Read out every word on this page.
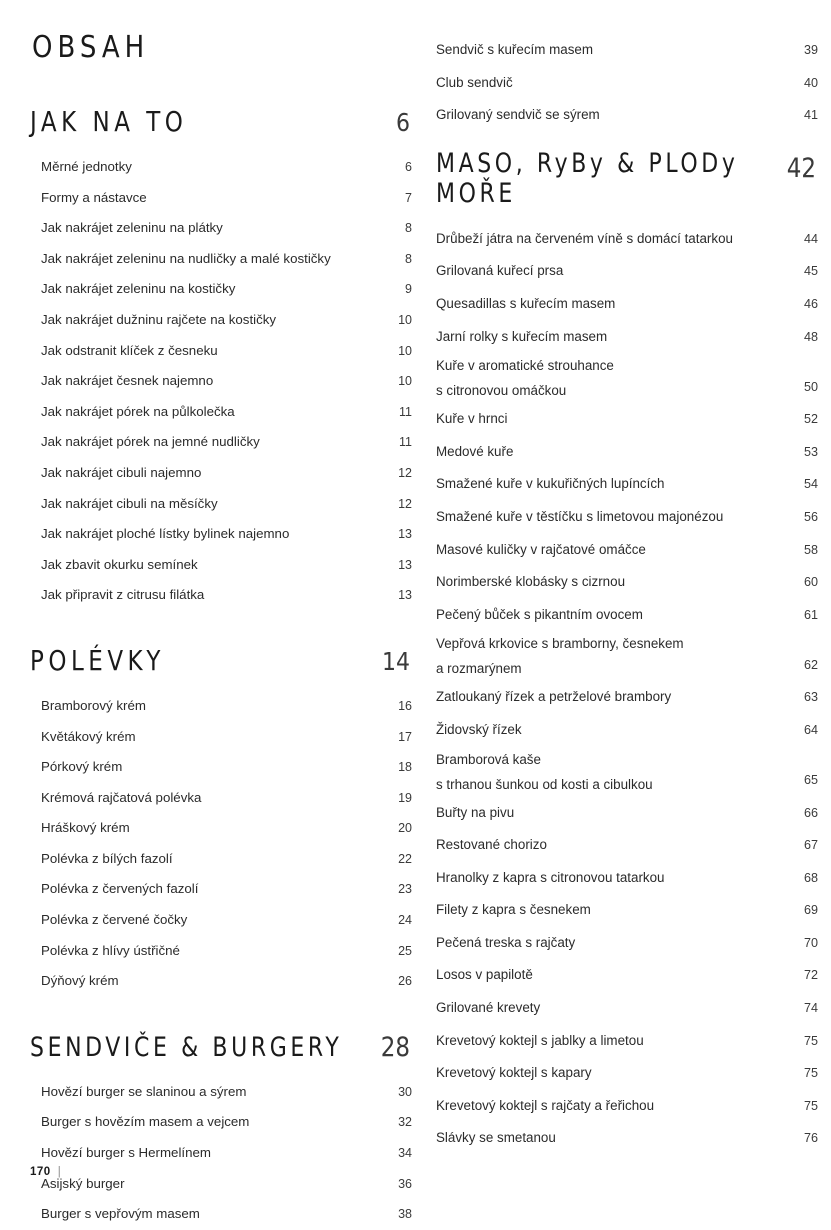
OBSAH
JAK NA TO	6
Měrné jednotky	6
Formy a nástavce	7
Jak nakrájet zeleninu na plátky	8
Jak nakrájet zeleninu na nudličky a malé kostičky	8
Jak nakrájet zeleninu na kostičky	9
Jak nakrájet dužninu rajčete na kostičky	10
Jak odstranit klíček z česneku	10
Jak nakrájet česnek najemno	10
Jak nakrájet pórek na půlkolečka	11
Jak nakrájet pórek na jemné nudličky	11
Jak nakrájet cibuli najemno	12
Jak nakrájet cibuli na měsíčky	12
Jak nakrájet ploché lístky bylinek najemno	13
Jak zbavit okurku semínek	13
Jak připravit z citrusu filátka	13
POLÉVKY	14
Bramborový krém	16
Květákový krém	17
Pórkový krém	18
Krémová rajčatová polévka	19
Hráškový krém	20
Polévka z bílých fazolí	22
Polévka z červených fazolí	23
Polévka z červené čočky	24
Polévka z hlívy ústřičné	25
Dýňový krém	26
SENDVIČE & BURGERY 28
Hovězí burger se slaninou a sýrem	30
Burger s hovězím masem a vejcem	32
Hovězí burger s Hermelínem	34
Asijský burger	36
Burger s vepřovým masem	38
Sendvič s kuřecím masem	39
Club sendvič	40
Grilovaný sendvič se sýrem	41
MASO, RyBy & PLODy MOŘE
42
Drůbeží játra na červeném víně s domácí tatarkou	44
Grilovaná kuřecí prsa	45
Quesadillas s kuřecím masem	46
Jarní rolky s kuřecím masem	48
Kuře v aromatické strouhance
s citronovou omáčkou	50
Kuře v hrnci	52
Medové kuře	53
Smažené kuře v kukuřičných lupíncích	54
Smažené kuře v těstíčku s limetovou majonézou	56
Masové kuličky v rajčatové omáčce	58
Norimberské klobásky s cizrnou	60
Pečený bůček s pikantním ovocem	61
Vepřová krkovice s bramborny, česnekem
a rozmarýnem	62
Zatloukaný řízek a petrželové brambory	63
Židovský řízek	64
Bramborová kaše
s trhanou šunkou od kosti a cibulkou	65
Buřty na pivu	66
Restované chorizo	67
Hranolky z kapra s citronovou tatarkou	68
Filety z kapra s česnekem	69
Pečená treska s rajčaty	70
Losos v papilotě	72
Grilované krevety	74
Krevetový koktejl s jablky a limetou	75
Krevetový koktejl s kapary	75
Krevetový koktejl s rajčaty a řeřichou	75
Slávky se smetanou	76
170 |
